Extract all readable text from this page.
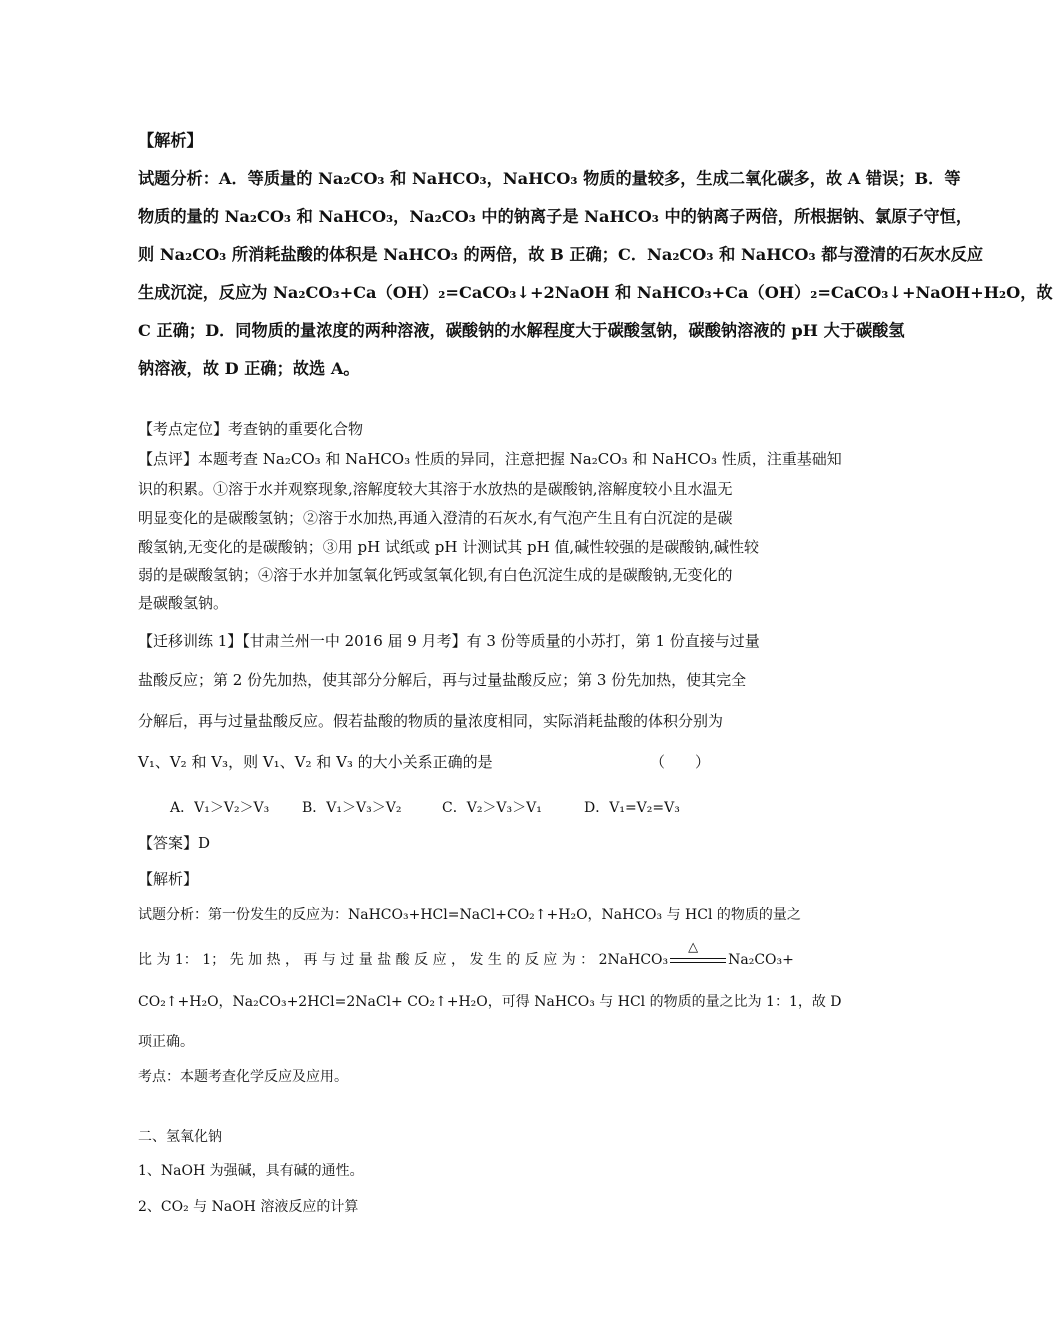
【解析】
试题分析：A．等质量的 Na₂CO₃ 和 NaHCO₃，NaHCO₃ 物质的量较多，生成二氧化碳多，故 A 错误；B．等
物质的量的 Na₂CO₃ 和 NaHCO₃，Na₂CO₃ 中的钠离子是 NaHCO₃ 中的钠离子两倍，所根据钠、氯原子守恒，
则 Na₂CO₃ 所消耗盐酸的体积是 NaHCO₃ 的两倍，故 B 正确；C．Na₂CO₃ 和 NaHCO₃ 都与澄清的石灰水反应
生成沉淀，反应为 Na₂CO₃+Ca（OH）₂=CaCO₃↓+2NaOH 和 NaHCO₃+Ca（OH）₂=CaCO₃↓+NaOH+H₂O，故
C 正确；D．同物质的量浓度的两种溶液，碳酸钠的水解程度大于碳酸氢钠，碳酸钠溶液的 pH 大于碳酸氢
钠溶液，故 D 正确；故选 A。
【考点定位】考查钠的重要化合物
【点评】本题考查 Na₂CO₃ 和 NaHCO₃ 性质的异同，注意把握 Na₂CO₃ 和 NaHCO₃ 性质，注重基础知
识的积累。①溶于水并观察现象,溶解度较大其溶于水放热的是碳酸钠,溶解度较小且水温无
明显变化的是碳酸氢钠；②溶于水加热,再通入澄清的石灰水,有气泡产生且有白沉淀的是碳
酸氢钠,无变化的是碳酸钠；③用 pH 试纸或 pH 计测试其 pH 值,碱性较强的是碳酸钠,碱性较
弱的是碳酸氢钠；④溶于水并加氢氧化钙或氢氧化钡,有白色沉淀生成的是碳酸钠,无变化的
是碳酸氢钠。
【迁移训练 1】【甘肃兰州一中 2016 届 9 月考】有 3 份等质量的小苏打，第 1 份直接与过量
盐酸反应；第 2 份先加热，使其部分分解后，再与过量盐酸反应；第 3 份先加热，使其完全
分解后，再与过量盐酸反应。假若盐酸的物质的量浓度相同，实际消耗盐酸的体积分别为
V₁、V₂ 和 V₃，则 V₁、V₂ 和 V₃ 的大小关系正确的是	（　　）
A．V₁＞V₂＞V₃ B．V₁＞V₃＞V₂	C．V₂＞V₃＞V₁	D．V₁=V₂=V₃
【答案】D
【解析】
试题分析：第一份发生的反应为：NaHCO₃+HCl=NaCl+CO₂↑+H₂O，NaHCO₃ 与 HCl 的物质的量之
比 为 1： 1； 先 加 热 ， 再 与 过 量 盐 酸 反 应 ， 发 生 的 反 应 为 ： 2NaHCO₃
△
Na₂CO₃+
CO₂↑+H₂O，Na₂CO₃+2HCl=2NaCl+ CO₂↑+H₂O，可得 NaHCO₃ 与 HCl 的物质的量之比为 1：1，故 D
项正确。
考点：本题考查化学反应及应用。
二、氢氧化钠
1、NaOH 为强碱，具有碱的通性。
2、CO₂ 与 NaOH 溶液反应的计算
